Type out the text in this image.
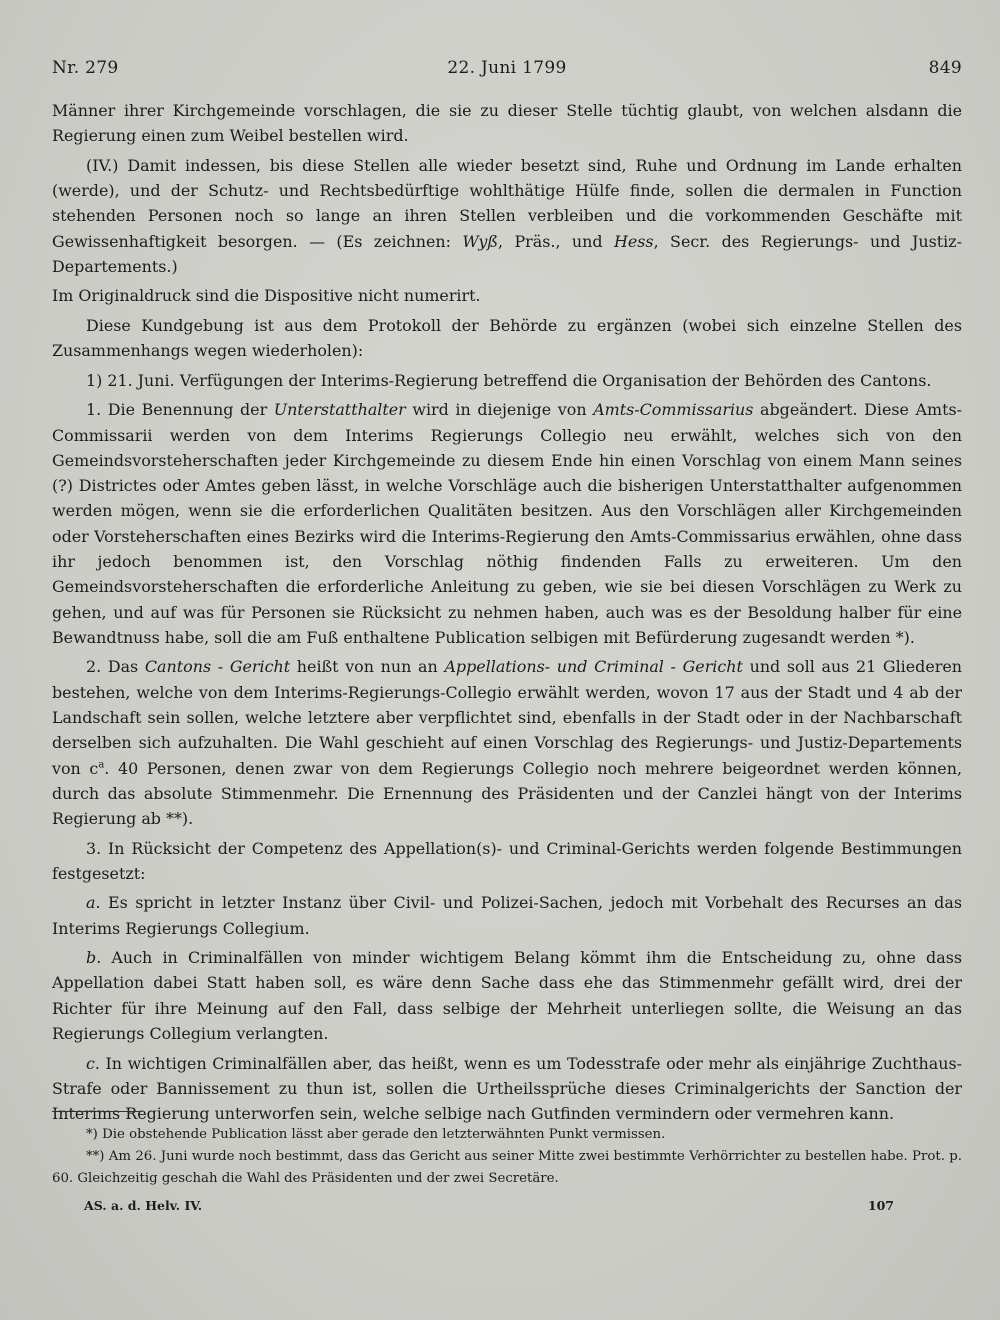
Nr. 279	22. Juni 1799	849

Männer ihrer Kirchgemeinde vorschlagen, die sie zu dieser Stelle tüchtig glaubt, von welchen alsdann die Regierung einen zum Weibel bestellen wird.

(IV.) Damit indessen, bis diese Stellen alle wieder besetzt sind, Ruhe und Ordnung im Lande erhalten (werde), und der Schutz- und Rechtsbedürftige wohlthätige Hülfe finde, sollen die dermalen in Function stehenden Personen noch so lange an ihren Stellen verbleiben und die vorkommenden Geschäfte mit Gewissenhaftigkeit besorgen. — (Es zeichnen: Wyß, Präs., und Hess, Secr. des Regierungs- und Justiz-Departements.)

Im Originaldruck sind die Dispositive nicht numerirt.

Diese Kundgebung ist aus dem Protokoll der Behörde zu ergänzen (wobei sich einzelne Stellen des Zusammenhangs wegen wiederholen):

1) 21. Juni. Verfügungen der Interims-Regierung betreffend die Organisation der Behörden des Cantons.

1. Die Benennung der Unterstatthalter wird in diejenige von Amts-Commissarius abgeändert. Diese Amts-Commissarii werden von dem Interims Regierungs Collegio neu erwählt, welches sich von den Gemeindsvorsteherschaften jeder Kirchgemeinde zu diesem Ende hin einen Vorschlag von einem Mann seines (?) Districtes oder Amtes geben lässt, in welche Vorschläge auch die bisherigen Unterstatthalter aufgenommen werden mögen, wenn sie die erforderlichen Qualitäten besitzen. Aus den Vorschlägen aller Kirchgemeinden oder Vorsteherschaften eines Bezirks wird die Interims-Regierung den Amts-Commissarius erwählen, ohne dass ihr jedoch benommen ist, den Vorschlag nöthig findenden Falls zu erweiteren. Um den Gemeindsvorsteherschaften die erforderliche Anleitung zu geben, wie sie bei diesen Vorschlägen zu Werk zu gehen, und auf was für Personen sie Rücksicht zu nehmen haben, auch was es der Besoldung halber für eine Bewandtnuss habe, soll die am Fuß enthaltene Publication selbigen mit Befürderung zugesandt werden *).

2. Das Cantons - Gericht heißt von nun an Appellations- und Criminal - Gericht und soll aus 21 Gliederen bestehen, welche von dem Interims-Regierungs-Collegio erwählt werden, wovon 17 aus der Stadt und 4 ab der Landschaft sein sollen, welche letztere aber verpflichtet sind, ebenfalls in der Stadt oder in der Nachbarschaft derselben sich aufzuhalten. Die Wahl geschieht auf einen Vorschlag des Regierungs- und Justiz-Departements von $c^a$. 40 Personen, denen zwar von dem Regierungs Collegio noch mehrere beigeordnet werden können, durch das absolute Stimmenmehr. Die Ernennung des Präsidenten und der Canzlei hängt von der Interims Regierung ab **).

3. In Rücksicht der Competenz des Appellation(s)- und Criminal-Gerichts werden folgende Bestimmungen festgesetzt:

a. Es spricht in letzter Instanz über Civil- und Polizei-Sachen, jedoch mit Vorbehalt des Recurses an das Interims Regierungs Collegium.

b. Auch in Criminalfällen von minder wichtigem Belang kömmt ihm die Entscheidung zu, ohne dass Appellation dabei Statt haben soll, es wäre denn Sache dass ehe das Stimmenmehr gefällt wird, drei der Richter für ihre Meinung auf den Fall, dass selbige der Mehrheit unterliegen sollte, die Weisung an das Regierungs Collegium verlangten.

c. In wichtigen Criminalfällen aber, das heißt, wenn es um Todesstrafe oder mehr als einjährige Zuchthaus-Strafe oder Bannissement zu thun ist, sollen die Urtheilssprüche dieses Criminalgerichts der Sanction der Interims Regierung unterworfen sein, welche selbige nach Gutfinden vermindern oder vermehren kann.

*) Die obstehende Publication lässt aber gerade den letzterwähnten Punkt vermissen.

**) Am 26. Juni wurde noch bestimmt, dass das Gericht aus seiner Mitte zwei bestimmte Verhörrichter zu bestellen habe. Prot. p. 60. Gleichzeitig geschah die Wahl des Präsidenten und der zwei Secretäre.

AS. a. d. Helv. IV.	107
